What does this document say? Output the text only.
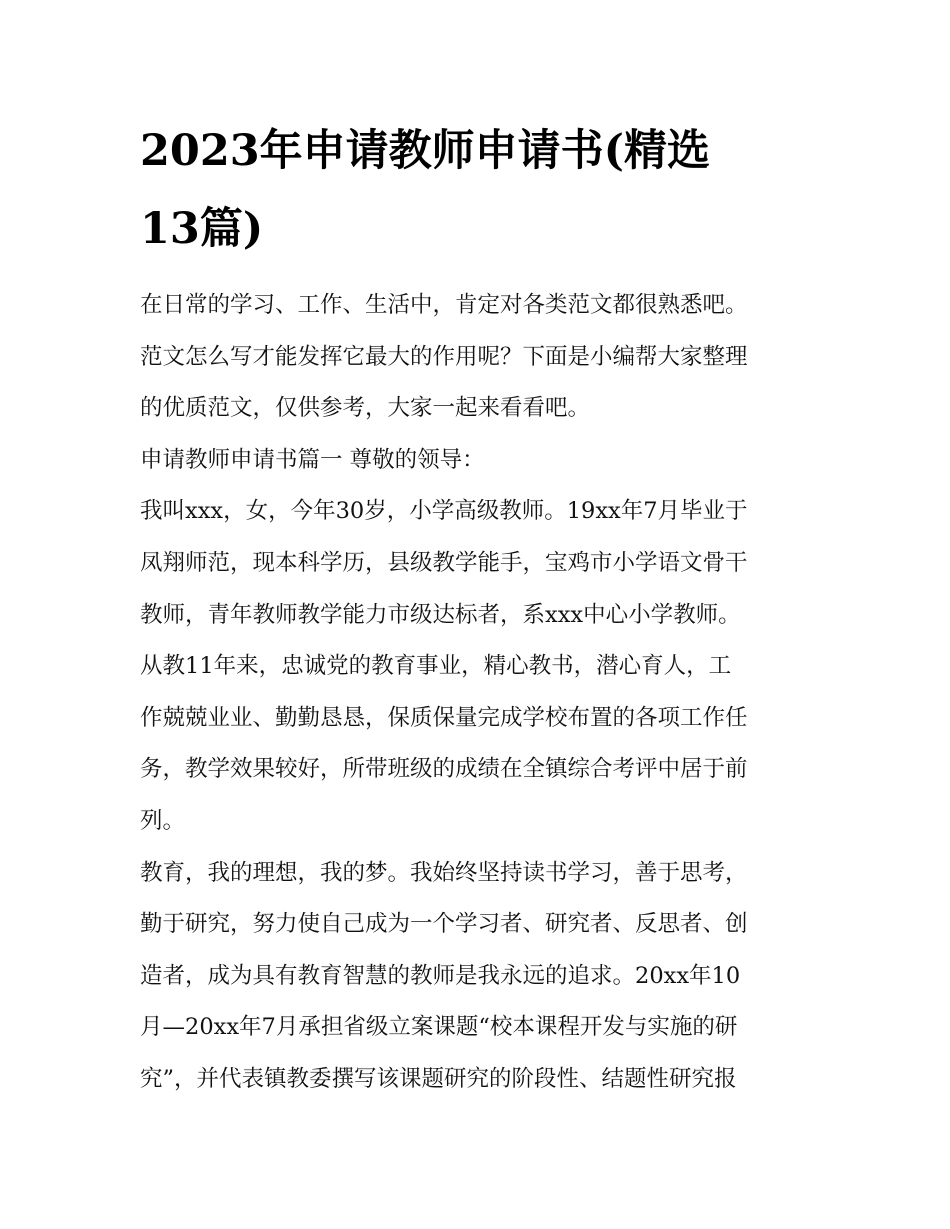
2023年申请教师申请书(精选
13篇)
在日常的学习、工作、生活中，肯定对各类范文都很熟悉吧。
范文怎么写才能发挥它最大的作用呢？下面是小编帮大家整理
的优质范文，仅供参考，大家一起来看看吧。
申请教师申请书篇一 尊敬的领导：
我叫xxx，女，今年30岁，小学高级教师。19xx年7月毕业于
凤翔师范，现本科学历，县级教学能手，宝鸡市小学语文骨干
教师，青年教师教学能力市级达标者，系xxx中心小学教师。
从教11年来，忠诚党的教育事业，精心教书，潜心育人，工
作兢兢业业、勤勤恳恳，保质保量完成学校布置的各项工作任
务，教学效果较好，所带班级的成绩在全镇综合考评中居于前
列。
教育，我的理想，我的梦。我始终坚持读书学习，善于思考，
勤于研究，努力使自己成为一个学习者、研究者、反思者、创
造者，成为具有教育智慧的教师是我永远的追求。20xx年10
月—20xx年7月承担省级立案课题“校本课程开发与实施的研
究”，并代表镇教委撰写该课题研究的阶段性、结题性研究报
